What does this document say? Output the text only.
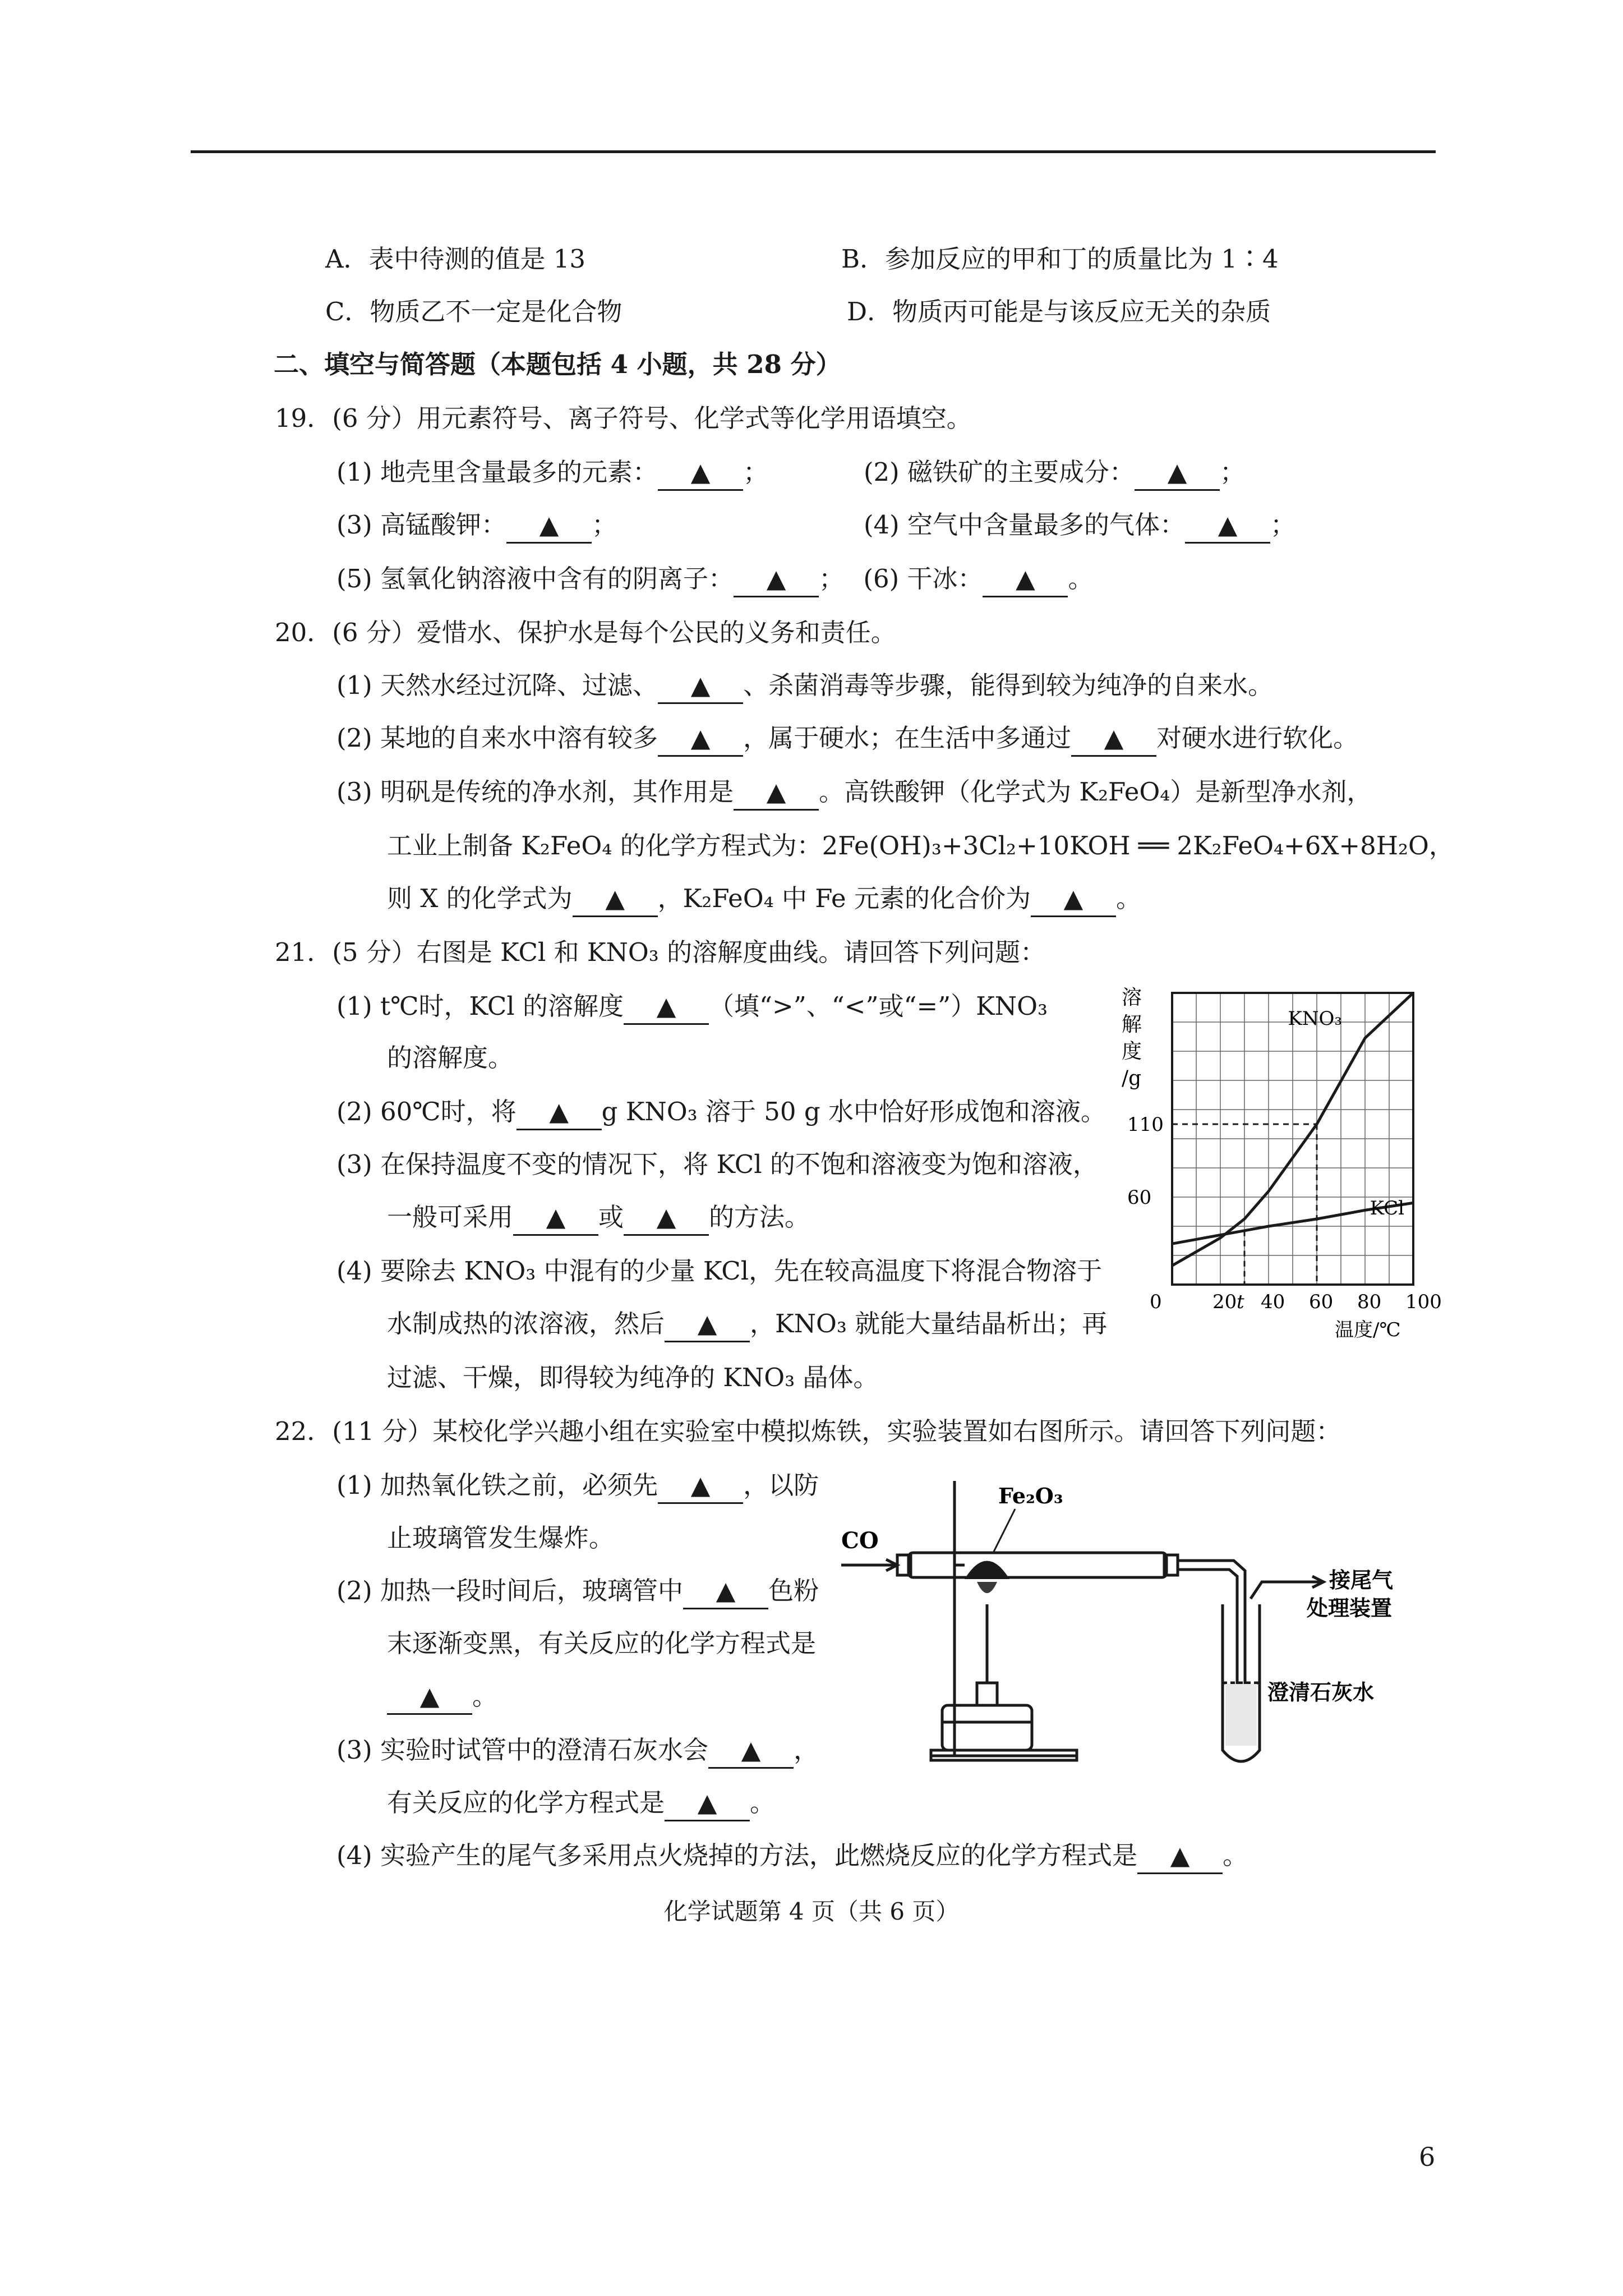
A．表中待测的值是 13	B．参加反应的甲和丁的质量比为 1∶4
C．物质乙不一定是化合物	D．物质丙可能是与该反应无关的杂质
二、填空与简答题（本题包括 4 小题，共 28 分）
19．(6 分）用元素符号、离子符号、化学式等化学用语填空。
(1) 地壳里含量最多的元素： ▲ ；	(2) 磁铁矿的主要成分： ▲ ；
(3) 高锰酸钾： ▲ ；	(4) 空气中含量最多的气体： ▲ ；
(5) 氢氧化钠溶液中含有的阴离子： ▲ ； (6) 干冰： ▲ 。
20．(6 分）爱惜水、保护水是每个公民的义务和责任。
(1) 天然水经过沉降、过滤、 ▲ 、杀菌消毒等步骤，能得到较为纯净的自来水。
(2) 某地的自来水中溶有较多 ▲ ，属于硬水；在生活中多通过 ▲ 对硬水进行软化。
(3) 明矾是传统的净水剂，其作用是 ▲ 。高铁酸钾（化学式为 K₂FeO₄）是新型净水剂，
工业上制备 K₂FeO₄ 的化学方程式为：2Fe(OH)₃+3Cl₂+10KOH ══ 2K₂FeO₄+6X+8H₂O，
则 X 的化学式为 ▲ ，K₂FeO₄ 中 Fe 元素的化合价为 ▲ 。
21．(5 分）右图是 KCl 和 KNO₃ 的溶解度曲线。请回答下列问题：
(1) t℃时，KCl 的溶解度 ▲ （填“>”、“<”或“=”）KNO₃
的溶解度。
(2) 60℃时，将 ▲ g KNO₃ 溶于 50 g 水中恰好形成饱和溶液。
(3) 在保持温度不变的情况下，将 KCl 的不饱和溶液变为饱和溶液，
一般可采用 ▲ 或 ▲ 的方法。
(4) 要除去 KNO₃ 中混有的少量 KCl，先在较高温度下将混合物溶于
水制成热的浓溶液，然后 ▲ ，KNO₃ 就能大量结晶析出；再
过滤、干燥，即得较为纯净的 KNO₃ 晶体。
0	20 t 40 60 80 100
60
110
溶
解
度
/g
温度/℃
KNO₃
KCl
22．(11 分）某校化学兴趣小组在实验室中模拟炼铁，实验装置如右图所示。请回答下列问题：
(1) 加热氧化铁之前，必须先 ▲ ，以防
止玻璃管发生爆炸。
(2) 加热一段时间后，玻璃管中 ▲ 色粉
末逐渐变黑，有关反应的化学方程式是
▲ 。
(3) 实验时试管中的澄清石灰水会 ▲ ，
有关反应的化学方程式是 ▲ 。
(4) 实验产生的尾气多采用点火烧掉的方法，此燃烧反应的化学方程式是 ▲ 。
CO
Fe₂O₃
接尾气
处理装置
澄清石灰水
化学试题第 4 页（共 6 页）
6
